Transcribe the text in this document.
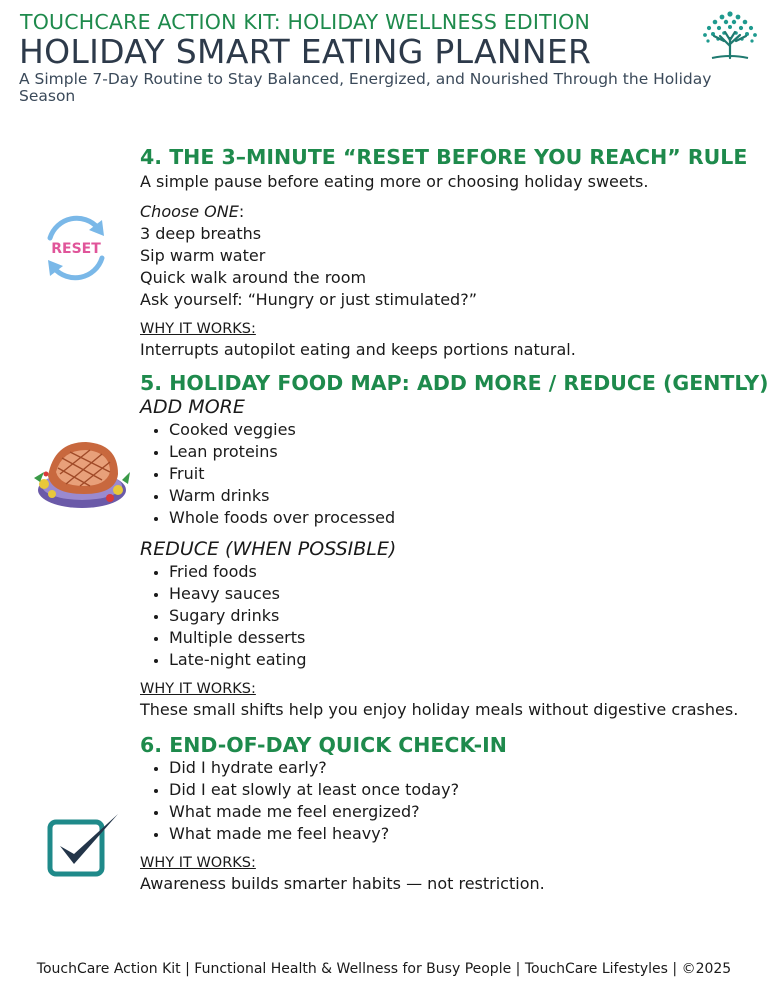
TOUCHCARE ACTION KIT: HOLIDAY WELLNESS EDITION
HOLIDAY SMART EATING PLANNER
A Simple 7-Day Routine to Stay Balanced, Energized, and Nourished Through the Holiday Season
RESET
4. THE 3–MINUTE “RESET BEFORE YOU REACH” RULE

A simple pause before eating more or choosing holiday sweets.

Choose ONE:

3 deep breaths

Sip warm water

Quick walk around the room

Ask yourself: “Hungry or just stimulated?”

WHY IT WORKS:

Interrupts autopilot eating and keeps portions natural.

5. HOLIDAY FOOD MAP: ADD MORE / REDUCE (GENTLY)

ADD MORE

• Cooked veggies
• Lean proteins
• Fruit
• Warm drinks
• Whole foods over processed

REDUCE (WHEN POSSIBLE)

• Fried foods
• Heavy sauces
• Sugary drinks
• Multiple desserts
• Late-night eating

WHY IT WORKS:

These small shifts help you enjoy holiday meals without digestive crashes.

6. END-OF-DAY QUICK CHECK-IN
• Did I hydrate early?
• Did I eat slowly at least once today?
• What made me feel energized?
• What made me feel heavy?

WHY IT WORKS:

Awareness builds smarter habits — not restriction.

TouchCare Action Kit | Functional Health & Wellness for Busy People | TouchCare Lifestyles | ©2025
